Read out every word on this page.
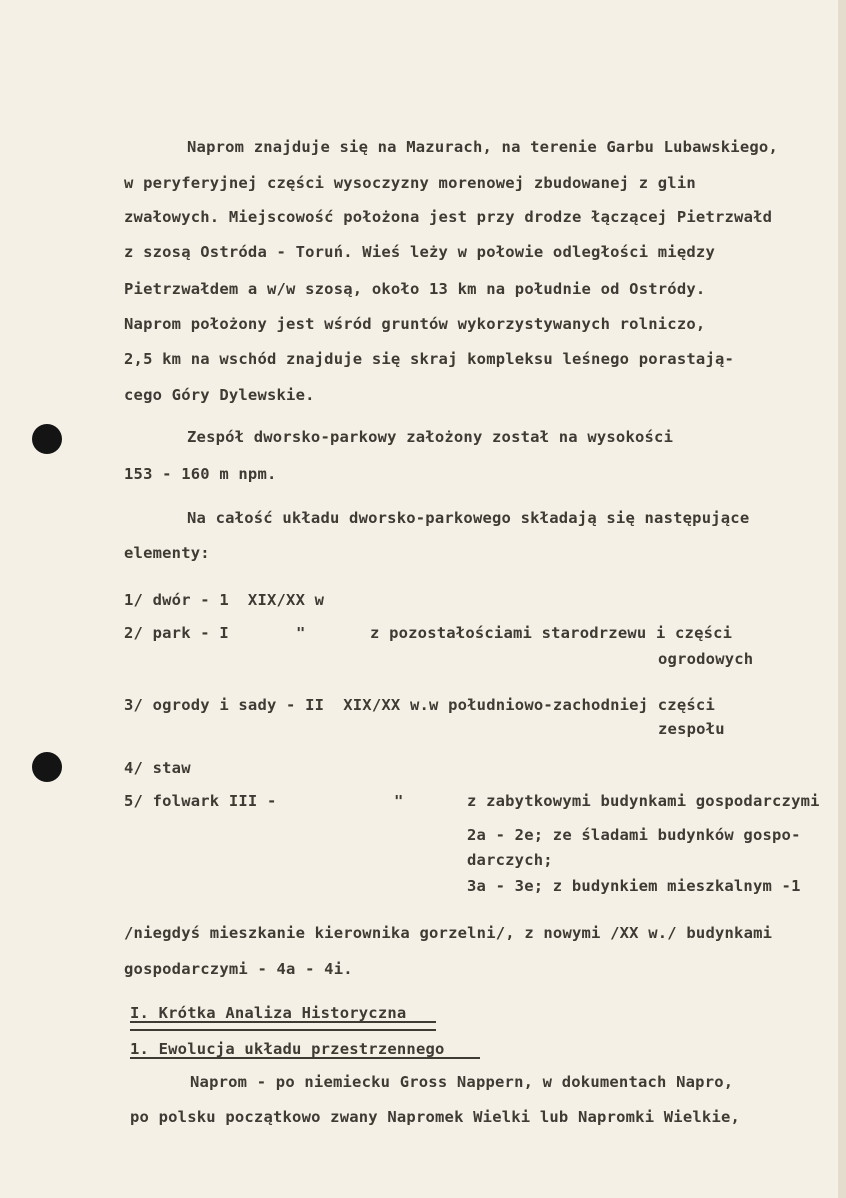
Naprom znajduje się na Mazurach, na terenie Garbu Lubawskiego,
w peryferyjnej części wysoczyzny morenowej zbudowanej z glin
zwałowych. Miejscowość położona jest przy drodze łączącej Pietrzwałd
z szosą Ostróda - Toruń. Wieś leży w połowie odległości między
Pietrzwałdem a w/w szosą, około 13 km na południe od Ostródy.
Naprom położony jest wśród gruntów wykorzystywanych rolniczo,
2,5 km na wschód znajduje się skraj kompleksu leśnego porastają-
cego Góry Dylewskie.
Zespół dworsko-parkowy założony został na wysokości
153 - 160 m npm.
Na całość układu dworsko-parkowego składają się następujące
elementy:
1/ dwór - 1  XIX/XX w
2/ park - I	"	z pozostałościami starodrzewu i części
ogrodowych
3/ ogrody i sady - II  XIX/XX w.w południowo-zachodniej części
zespołu
4/ staw
5/ folwark III -	"	z zabytkowymi budynkami gospodarczymi
2a - 2e; ze śladami budynków gospo-
darczych;
3a - 3e; z budynkiem mieszkalnym -1
/niegdyś mieszkanie kierownika gorzelni/, z nowymi /XX w./ budynkami
gospodarczymi - 4a - 4i.
I. Krótka Analiza Historyczna
1. Ewolucja układu przestrzennego
Naprom - po niemiecku Gross Nappern, w dokumentach Napro,
po polsku początkowo zwany Napromek Wielki lub Napromki Wielkie,
